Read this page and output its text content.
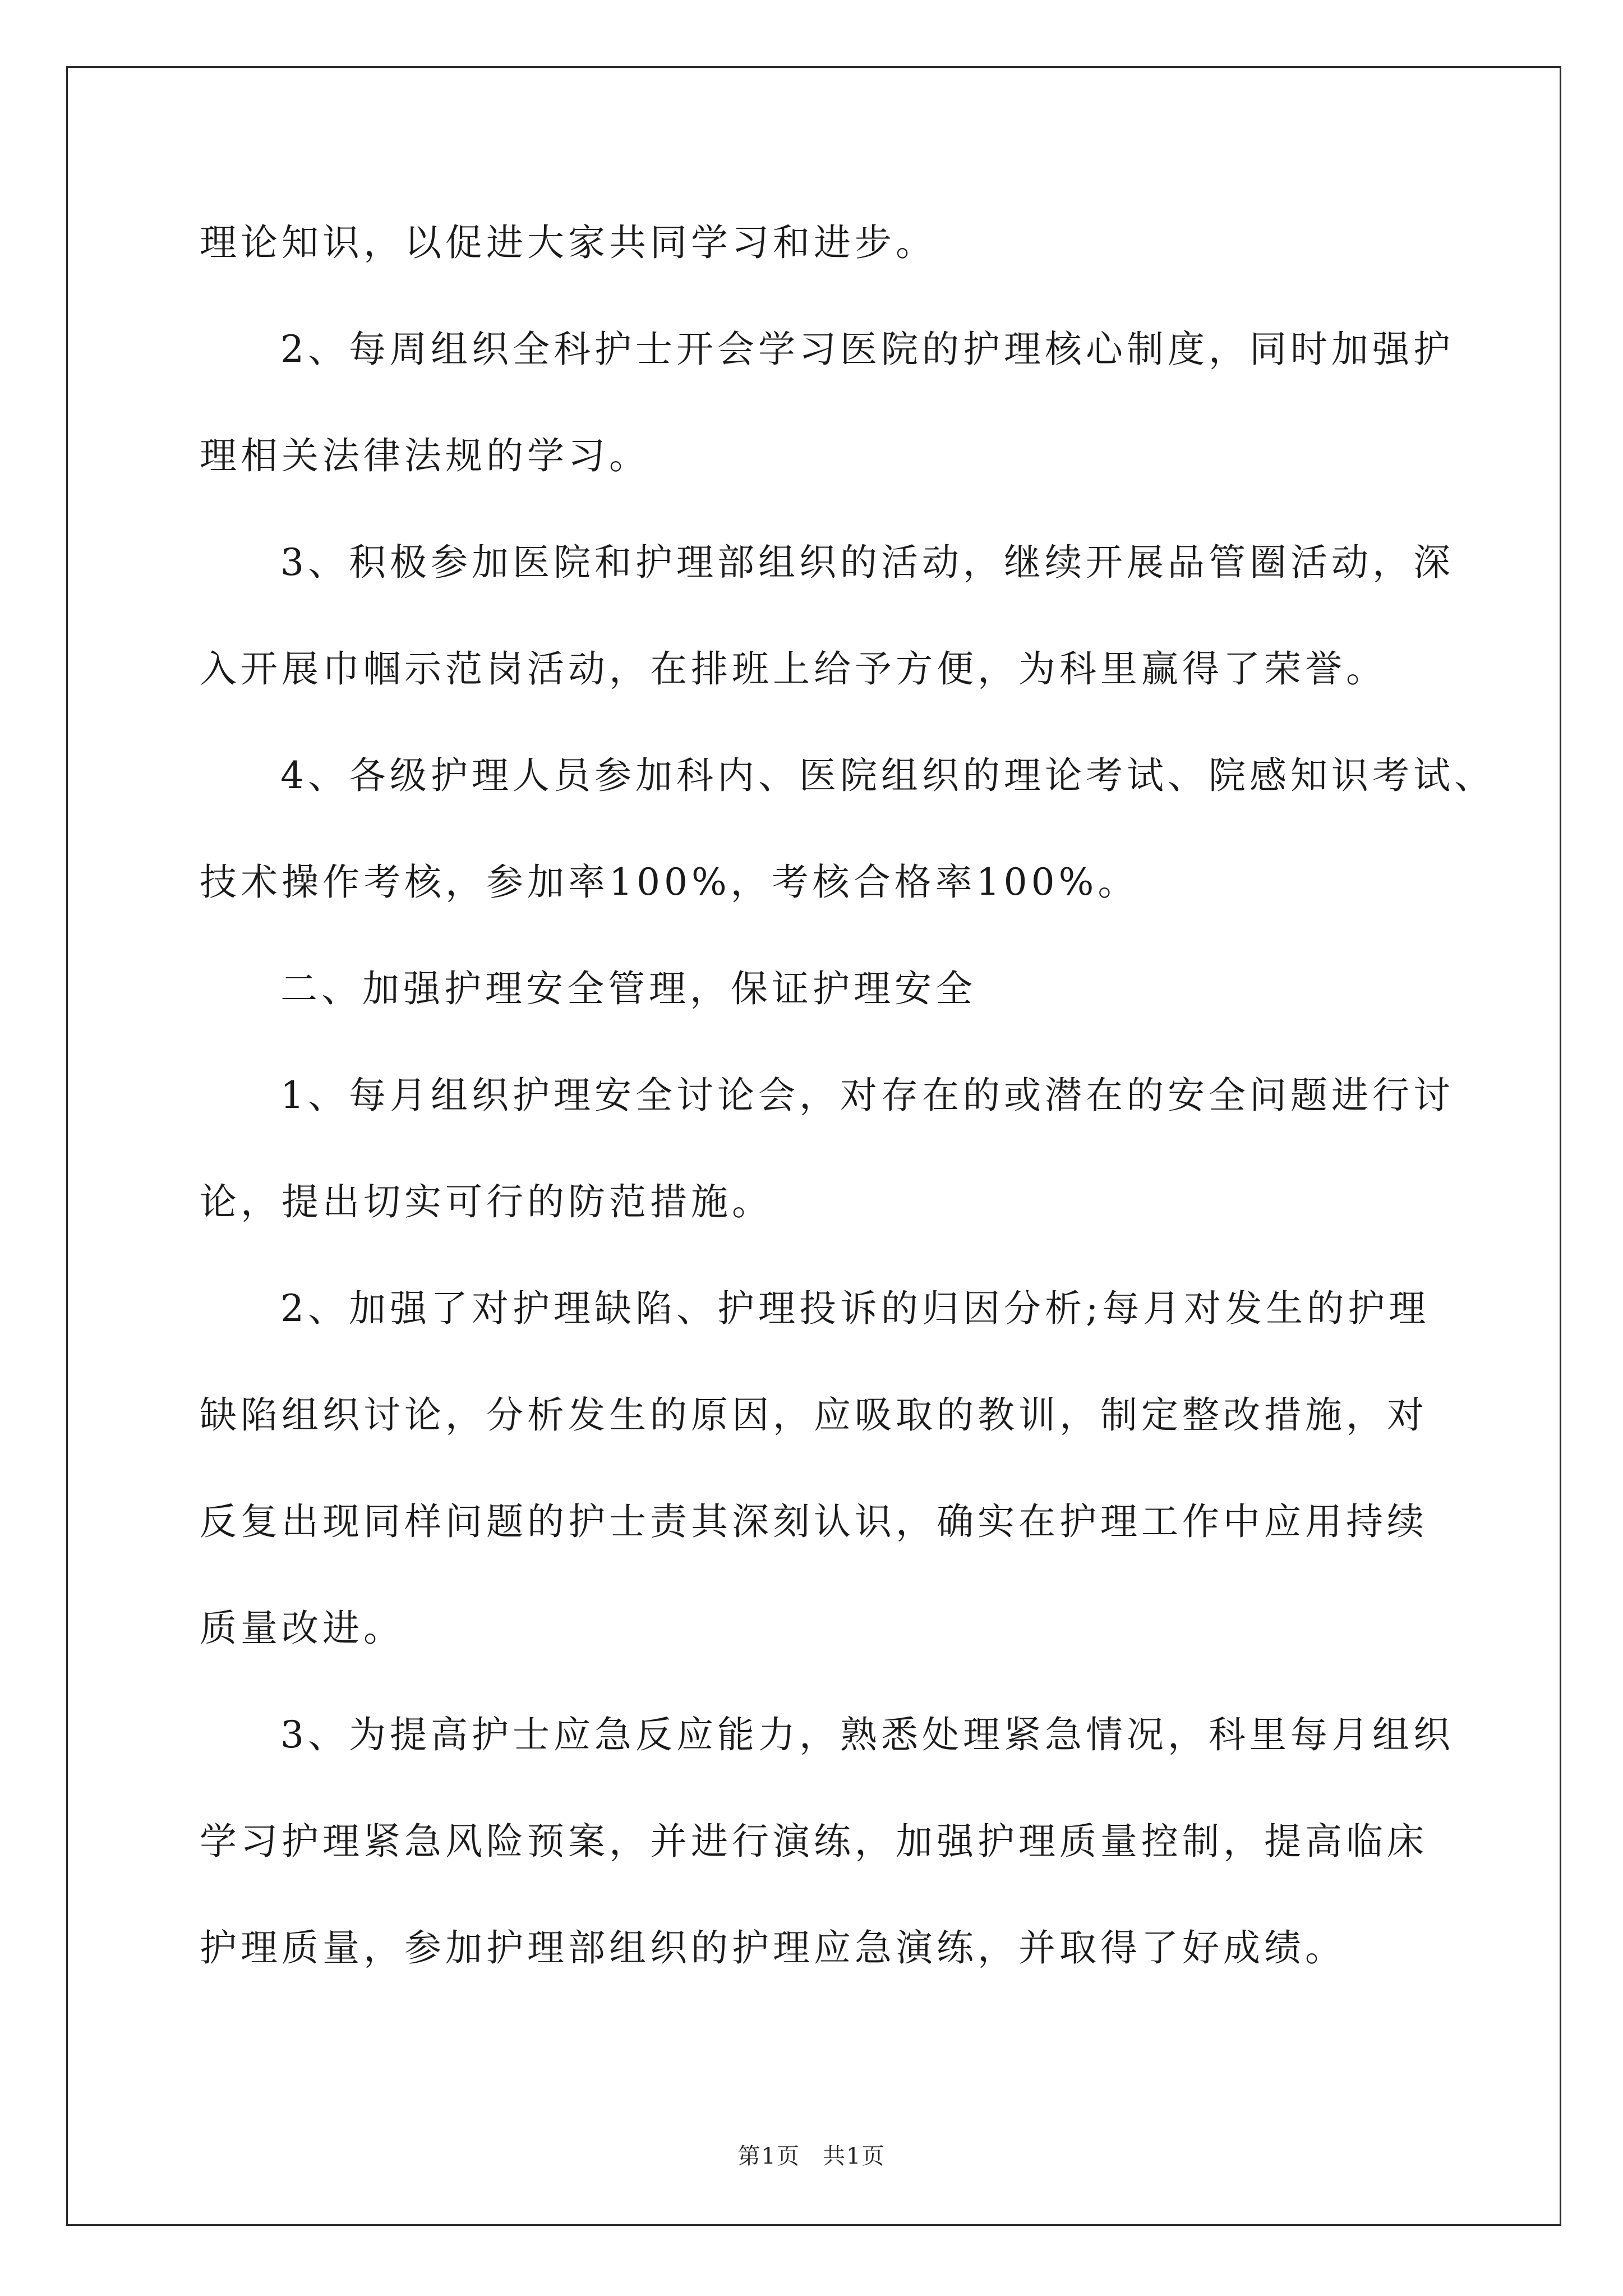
理论知识，以促进大家共同学习和进步。

2、每周组织全科护士开会学习医院的护理核心制度，同时加强护

理相关法律法规的学习。

3、积极参加医院和护理部组织的活动，继续开展品管圈活动，深

入开展巾帼示范岗活动，在排班上给予方便，为科里赢得了荣誉。

4、各级护理人员参加科内、医院组织的理论考试、院感知识考试、

技术操作考核，参加率100%，考核合格率100%。

二、加强护理安全管理，保证护理安全

1、每月组织护理安全讨论会，对存在的或潜在的安全问题进行讨

论，提出切实可行的防范措施。

2、加强了对护理缺陷、护理投诉的归因分析;每月对发生的护理

缺陷组织讨论，分析发生的原因，应吸取的教训，制定整改措施，对

反复出现同样问题的护士责其深刻认识，确实在护理工作中应用持续

质量改进。

3、为提高护士应急反应能力，熟悉处理紧急情况，科里每月组织

学习护理紧急风险预案，并进行演练，加强护理质量控制，提高临床

护理质量，参加护理部组织的护理应急演练，并取得了好成绩。

第1页 共1页
